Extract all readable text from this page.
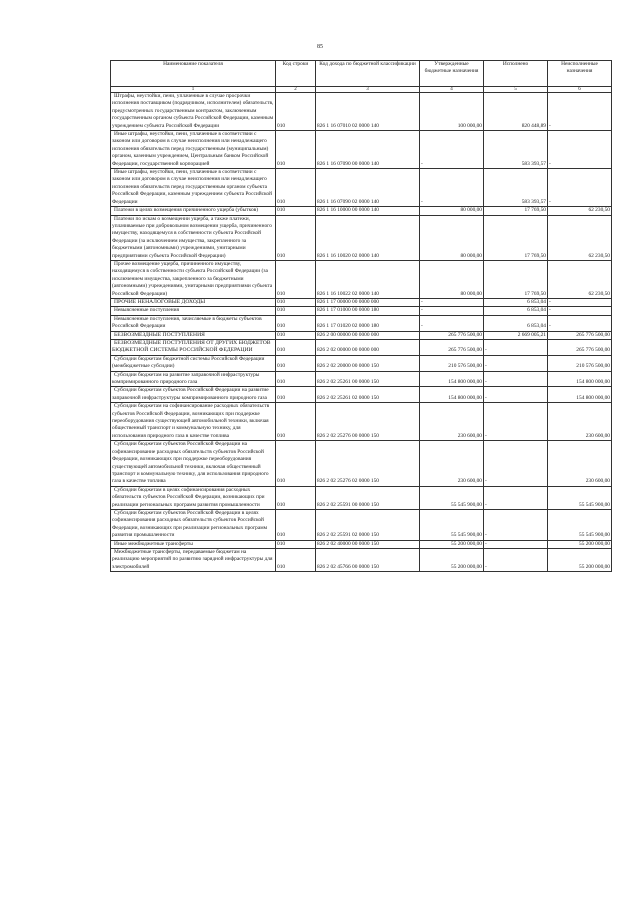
85
Наименование показателя	Код строки	Код дохода по бюджетной классификации	Утвержденные бюджетные назначения	Исполнено	Неисполненные назначения
1	2	3	4	5	6
Штрафы, неустойки, пени, уплаченные в случае просрочки исполнения поставщиком (подрядчиком, исполнителем) обязательств, предусмотренных государственным контрактом, заключенным государственным органом субъекта Российской Федерации, казенным учреждением субъекта Российской Федерации	010	826 1 16 07010 02 0000 140	100 000,00	820 448,89	-
Иные штрафы, неустойки, пени, уплаченные в соответствии с законом или договором в случае неисполнения или ненадлежащего исполнения обязательств перед государственным (муниципальным) органом, казенным учреждением, Центральным банком Российской Федерации, государственной корпорацией	010	826 1 16 07090 00 0000 140	-	583 393,57	-
Иные штрафы, неустойки, пени, уплаченные в соответствии с законом или договором в случае неисполнения или ненадлежащего исполнения обязательств перед государственным органом субъекта Российской Федерации, казенным учреждением субъекта Российской Федерации	010	826 1 16 07090 02 0000 140	-	583 393,57	-
Платежи в целях возмещения причиненного ущерба (убытков)	010	826 1 16 10000 00 0000 140	80 000,00	17 769,50	62 230,50
Платежи по искам о возмещении ущерба, а также платежи, уплачиваемые при добровольном возмещении ущерба, причиненного имуществу, находящемуся в собственности субъекта Российской Федерации (за исключением имущества, закрепленного за бюджетными (автономными) учреждениями, унитарными предприятиями субъекта Российской Федерации)	010	826 1 16 10020 02 0000 140	80 000,00	17 769,50	62 230,50
Прочее возмещение ущерба, причиненного имуществу, находящемуся в собственности субъекта Российской Федерации (за исключением имущества, закрепленного за бюджетными (автономными) учреждениями, унитарными предприятиями субъекта Российской Федерации)	010	826 1 16 10022 02 0000 140	80 000,00	17 769,50	62 230,50
ПРОЧИЕ НЕНАЛОГОВЫЕ ДОХОДЫ	010	826 1 17 00000 00 0000 000	-	6 853,04	-
Невыясненные поступления	010	826 1 17 01000 00 0000 180	-	6 853,04	-
Невыясненные поступления, зачисляемые в бюджеты субъектов Российской Федерации	010	826 1 17 01020 02 0000 180	-	6 853,04	-
БЕЗВОЗМЕЗДНЫЕ ПОСТУПЛЕНИЯ	010	826 2 00 00000 00 0000 000	265 776 500,00	2 669 005,21	265 776 500,00
БЕЗВОЗМЕЗДНЫЕ ПОСТУПЛЕНИЯ ОТ ДРУГИХ БЮДЖЕТОВ БЮДЖЕТНОЙ СИСТЕМЫ РОССИЙСКОЙ ФЕДЕРАЦИИ	010	826 2 02 00000 00 0000 000	265 776 500,00	-	265 776 500,00
Субсидии бюджетам бюджетной системы Российской Федерации (межбюджетные субсидии)	010	826 2 02 20000 00 0000 150	210 576 500,00	-	210 576 500,00
Субсидии бюджетам на развитие заправочной инфраструктуры компримированного природного газа	010	826 2 02 25261 00 0000 150	154 800 000,00	-	154 800 000,00
Субсидии бюджетам субъектов Российской Федерации на развитие заправочной инфраструктуры компримированного природного газа	010	826 2 02 25261 02 0000 150	154 800 000,00	-	154 800 000,00
Субсидии бюджетам на софинансирование расходных обязательств субъектов Российской Федерации, возникающих при поддержке переоборудования существующей автомобильной техники, включая общественный транспорт и коммунальную технику, для использования природного газа в качестве топлива	010	826 2 02 25276 00 0000 150	230 600,00	-	230 600,00
Субсидии бюджетам субъектов Российской Федерации на софинансирование расходных обязательств субъектов Российской Федерации, возникающих при поддержке переоборудования существующей автомобильной техники, включая общественный транспорт и коммунальную технику, для использования природного газа в качестве топлива	010	826 2 02 25276 02 0000 150	230 600,00	-	230 600,00
Субсидии бюджетам в целях софинансирования расходных обязательств субъектов Российской Федерации, возникающих при реализации региональных программ развития промышленности	010	826 2 02 25591 00 0000 150	55 545 900,00	-	55 545 900,00
Субсидии бюджетам субъектов Российской Федерации в целях софинансирования расходных обязательств субъектов Российской Федерации, возникающих при реализации региональных программ развития промышленности	010	826 2 02 25591 02 0000 150	55 545 900,00	-	55 545 900,00
Иные межбюджетные трансферты	010	826 2 02 40000 00 0000 150	55 200 000,00	-	55 200 000,00
Межбюджетные трансферты, передаваемые бюджетам на реализацию мероприятий по развитию зарядной инфраструктуры для электромобилей	010	826 2 02 45766 00 0000 150	55 200 000,00	-	55 200 000,00
